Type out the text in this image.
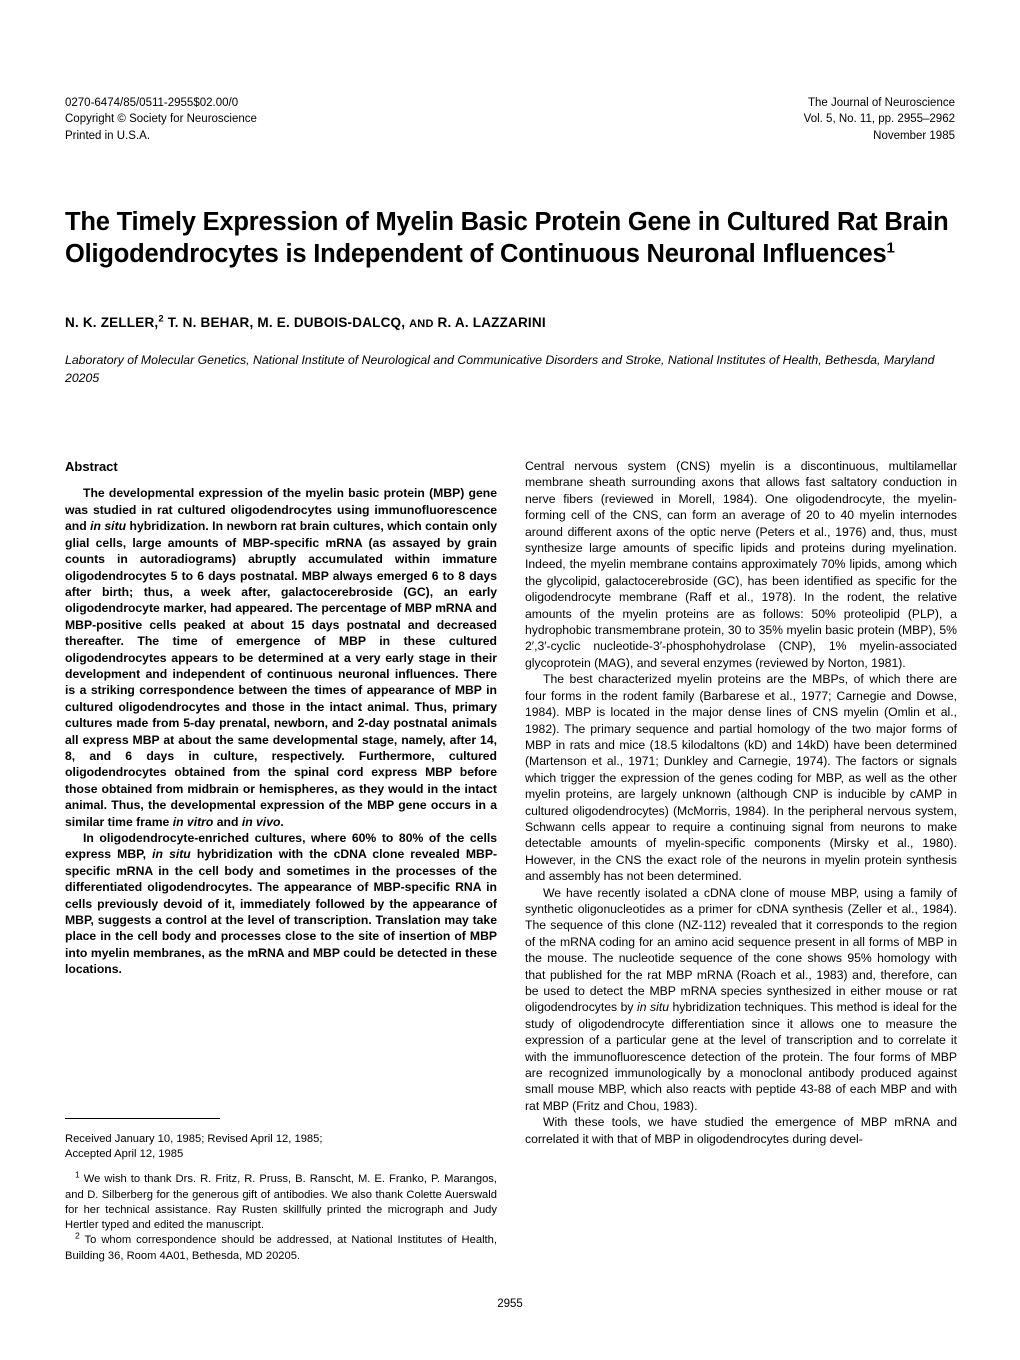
0270-6474/85/0511-2955$02.00/0
Copyright © Society for Neuroscience
Printed in U.S.A.
The Journal of Neuroscience
Vol. 5, No. 11, pp. 2955–2962
November 1985
The Timely Expression of Myelin Basic Protein Gene in Cultured Rat Brain Oligodendrocytes is Independent of Continuous Neuronal Influences$^1$
N. K. ZELLER,$^2$ T. N. BEHAR, M. E. DUBOIS-DALCQ, AND R. A. LAZZARINI
Laboratory of Molecular Genetics, National Institute of Neurological and Communicative Disorders and Stroke, National Institutes of Health, Bethesda, Maryland 20205
Abstract

The developmental expression of the myelin basic protein (MBP) gene was studied in rat cultured oligodendrocytes using immunofluorescence and in situ hybridization. In newborn rat brain cultures, which contain only glial cells, large amounts of MBP-specific mRNA (as assayed by grain counts in autoradiograms) abruptly accumulated within immature oligodendrocytes 5 to 6 days postnatal. MBP always emerged 6 to 8 days after birth; thus, a week after, galactocerebroside (GC), an early oligodendrocyte marker, had appeared. The percentage of MBP mRNA and MBP-positive cells peaked at about 15 days postnatal and decreased thereafter. The time of emergence of MBP in these cultured oligodendrocytes appears to be determined at a very early stage in their development and independent of continuous neuronal influences. There is a striking correspondence between the times of appearance of MBP in cultured oligodendrocytes and those in the intact animal. Thus, primary cultures made from 5-day prenatal, newborn, and 2-day postnatal animals all express MBP at about the same developmental stage, namely, after 14, 8, and 6 days in culture, respectively. Furthermore, cultured oligodendrocytes obtained from the spinal cord express MBP before those obtained from midbrain or hemispheres, as they would in the intact animal. Thus, the developmental expression of the MBP gene occurs in a similar time frame in vitro and in vivo.

In oligodendrocyte-enriched cultures, where 60% to 80% of the cells express MBP, in situ hybridization with the cDNA clone revealed MBP-specific mRNA in the cell body and sometimes in the processes of the differentiated oligodendrocytes. The appearance of MBP-specific RNA in cells previously devoid of it, immediately followed by the appearance of MBP, suggests a control at the level of transcription. Translation may take place in the cell body and processes close to the site of insertion of MBP into myelin membranes, as the mRNA and MBP could be detected in these locations.

Central nervous system (CNS) myelin is a discontinuous, multilamellar membrane sheath surrounding axons that allows fast saltatory conduction in nerve fibers (reviewed in Morell, 1984). One oligodendrocyte, the myelin-forming cell of the CNS, can form an average of 20 to 40 myelin internodes around different axons of the optic nerve (Peters et al., 1976) and, thus, must synthesize large amounts of specific lipids and proteins during myelination. Indeed, the myelin membrane contains approximately 70% lipids, among which the glycolipid, galactocerebroside (GC), has been identified as specific for the oligodendrocyte membrane (Raff et al., 1978). In the rodent, the relative amounts of the myelin proteins are as follows: 50% proteolipid (PLP), a hydrophobic transmembrane protein, 30 to 35% myelin basic protein (MBP), 5% 2′,3′-cyclic nucleotide-3′-phosphohydrolase (CNP), 1% myelin-associated glycoprotein (MAG), and several enzymes (reviewed by Norton, 1981).

The best characterized myelin proteins are the MBPs, of which there are four forms in the rodent family (Barbarese et al., 1977; Carnegie and Dowse, 1984). MBP is located in the major dense lines of CNS myelin (Omlin et al., 1982). The primary sequence and partial homology of the two major forms of MBP in rats and mice (18.5 kilodaltons (kD) and 14kD) have been determined (Martenson et al., 1971; Dunkley and Carnegie, 1974). The factors or signals which trigger the expression of the genes coding for MBP, as well as the other myelin proteins, are largely unknown (although CNP is inducible by cAMP in cultured oligodendrocytes) (McMorris, 1984). In the peripheral nervous system, Schwann cells appear to require a continuing signal from neurons to make detectable amounts of myelin-specific components (Mirsky et al., 1980). However, in the CNS the exact role of the neurons in myelin protein synthesis and assembly has not been determined.

We have recently isolated a cDNA clone of mouse MBP, using a family of synthetic oligonucleotides as a primer for cDNA synthesis (Zeller et al., 1984). The sequence of this clone (NZ-112) revealed that it corresponds to the region of the mRNA coding for an amino acid sequence present in all forms of MBP in the mouse. The nucleotide sequence of the cone shows 95% homology with that published for the rat MBP mRNA (Roach et al., 1983) and, therefore, can be used to detect the MBP mRNA species synthesized in either mouse or rat oligodendrocytes by in situ hybridization techniques. This method is ideal for the study of oligodendrocyte differentiation since it allows one to measure the expression of a particular gene at the level of transcription and to correlate it with the immunofluorescence detection of the protein. The four forms of MBP are recognized immunologically by a monoclonal antibody produced against small mouse MBP, which also reacts with peptide 43-88 of each MBP and with rat MBP (Fritz and Chou, 1983).

With these tools, we have studied the emergence of MBP mRNA and correlated it with that of MBP in oligodendrocytes during devel-

Received January 10, 1985; Revised April 12, 1985;

Accepted April 12, 1985

$^1$ We wish to thank Drs. R. Fritz, R. Pruss, B. Ranscht, M. E. Franko, P. Marangos, and D. Silberberg for the generous gift of antibodies. We also thank Colette Auerswald for her technical assistance. Ray Rusten skillfully printed the micrograph and Judy Hertler typed and edited the manuscript.

$^2$ To whom correspondence should be addressed, at National Institutes of Health, Building 36, Room 4A01, Bethesda, MD 20205.

2955
